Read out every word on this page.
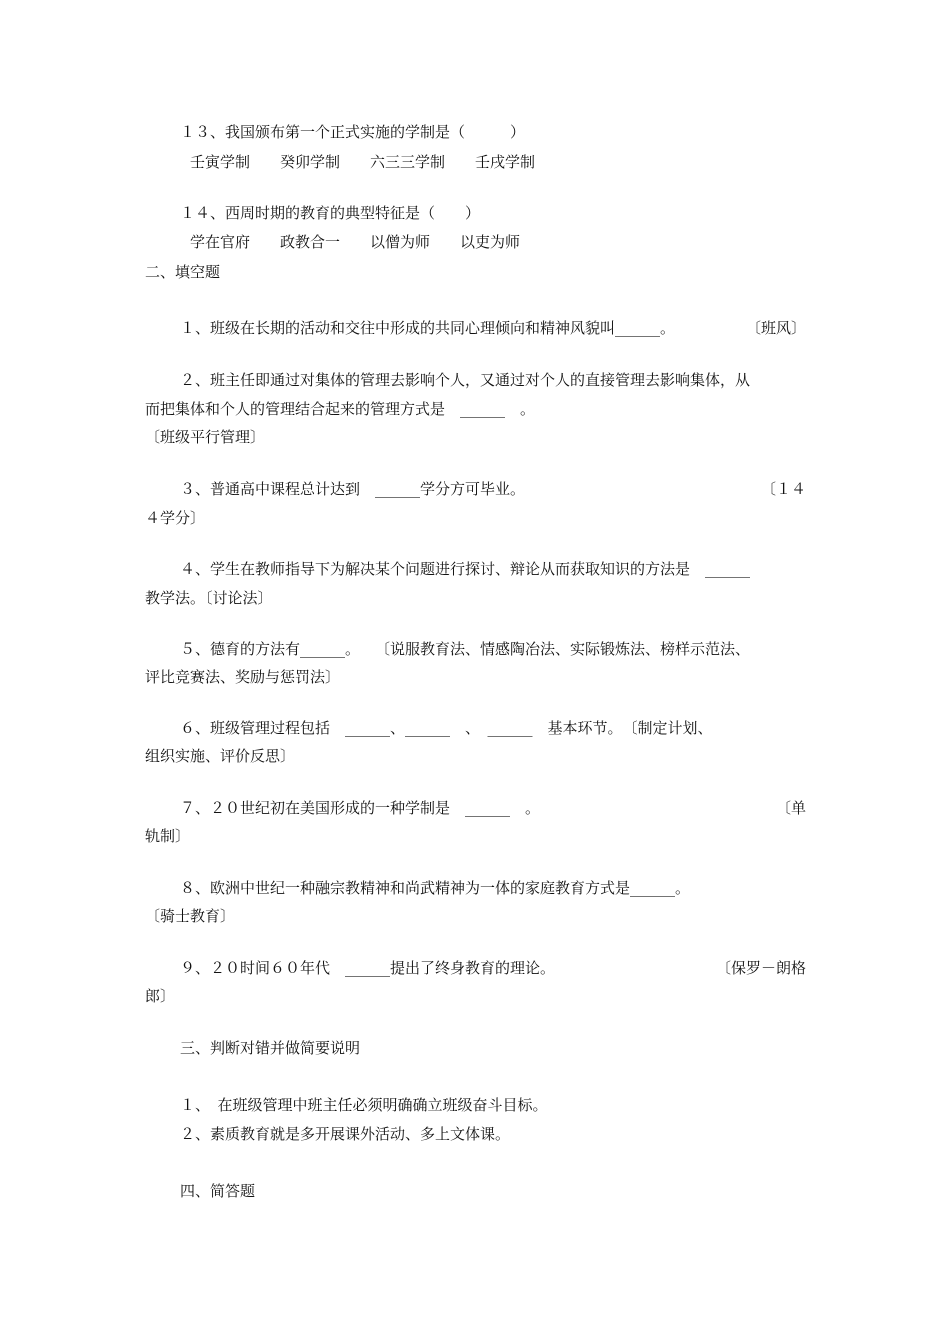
１３、我国颁布第一个正式实施的学制是（　　　）
壬寅学制 癸卯学制 六三三学制 壬戌学制
１４、西周时期的教育的典型特征是（　　）
学在官府 政教合一 以僧为师 以吏为师
二、填空题
１、班级在长期的活动和交往中形成的共同心理倾向和精神风貌叫______。	〔班风〕
２、班主任即通过对集体的管理去影响个人，又通过对个人的直接管理去影响集体，从
而把集体和个人的管理结合起来的管理方式是　______　。
〔班级平行管理〕
３、普通高中课程总计达到　______学分方可毕业。	〔１４
４学分〕
４、学生在教师指导下为解决某个问题进行探讨、辩论从而获取知识的方法是　______
教学法。〔讨论法〕
５、德育的方法有______。　　〔说服教育法、情感陶冶法、实际锻炼法、榜样示范法、
评比竞赛法、奖励与惩罚法〕
６、班级管理过程包括　______、______　、　______　基本环节。　〔制定计划、
组织实施、评价反思〕
７、２０世纪初在美国形成的一种学制是　______　。	〔单
轨制〕
８、欧洲中世纪一种融宗教精神和尚武精神为一体的家庭教育方式是______。
〔骑士教育〕
９、２０时间６０年代　______提出了终身教育的理论。	〔保罗－朗格
郎〕
三、判断对错并做简要说明
１、　在班级管理中班主任必须明确确立班级奋斗目标。
２、素质教育就是多开展课外活动、多上文体课。
四、简答题
